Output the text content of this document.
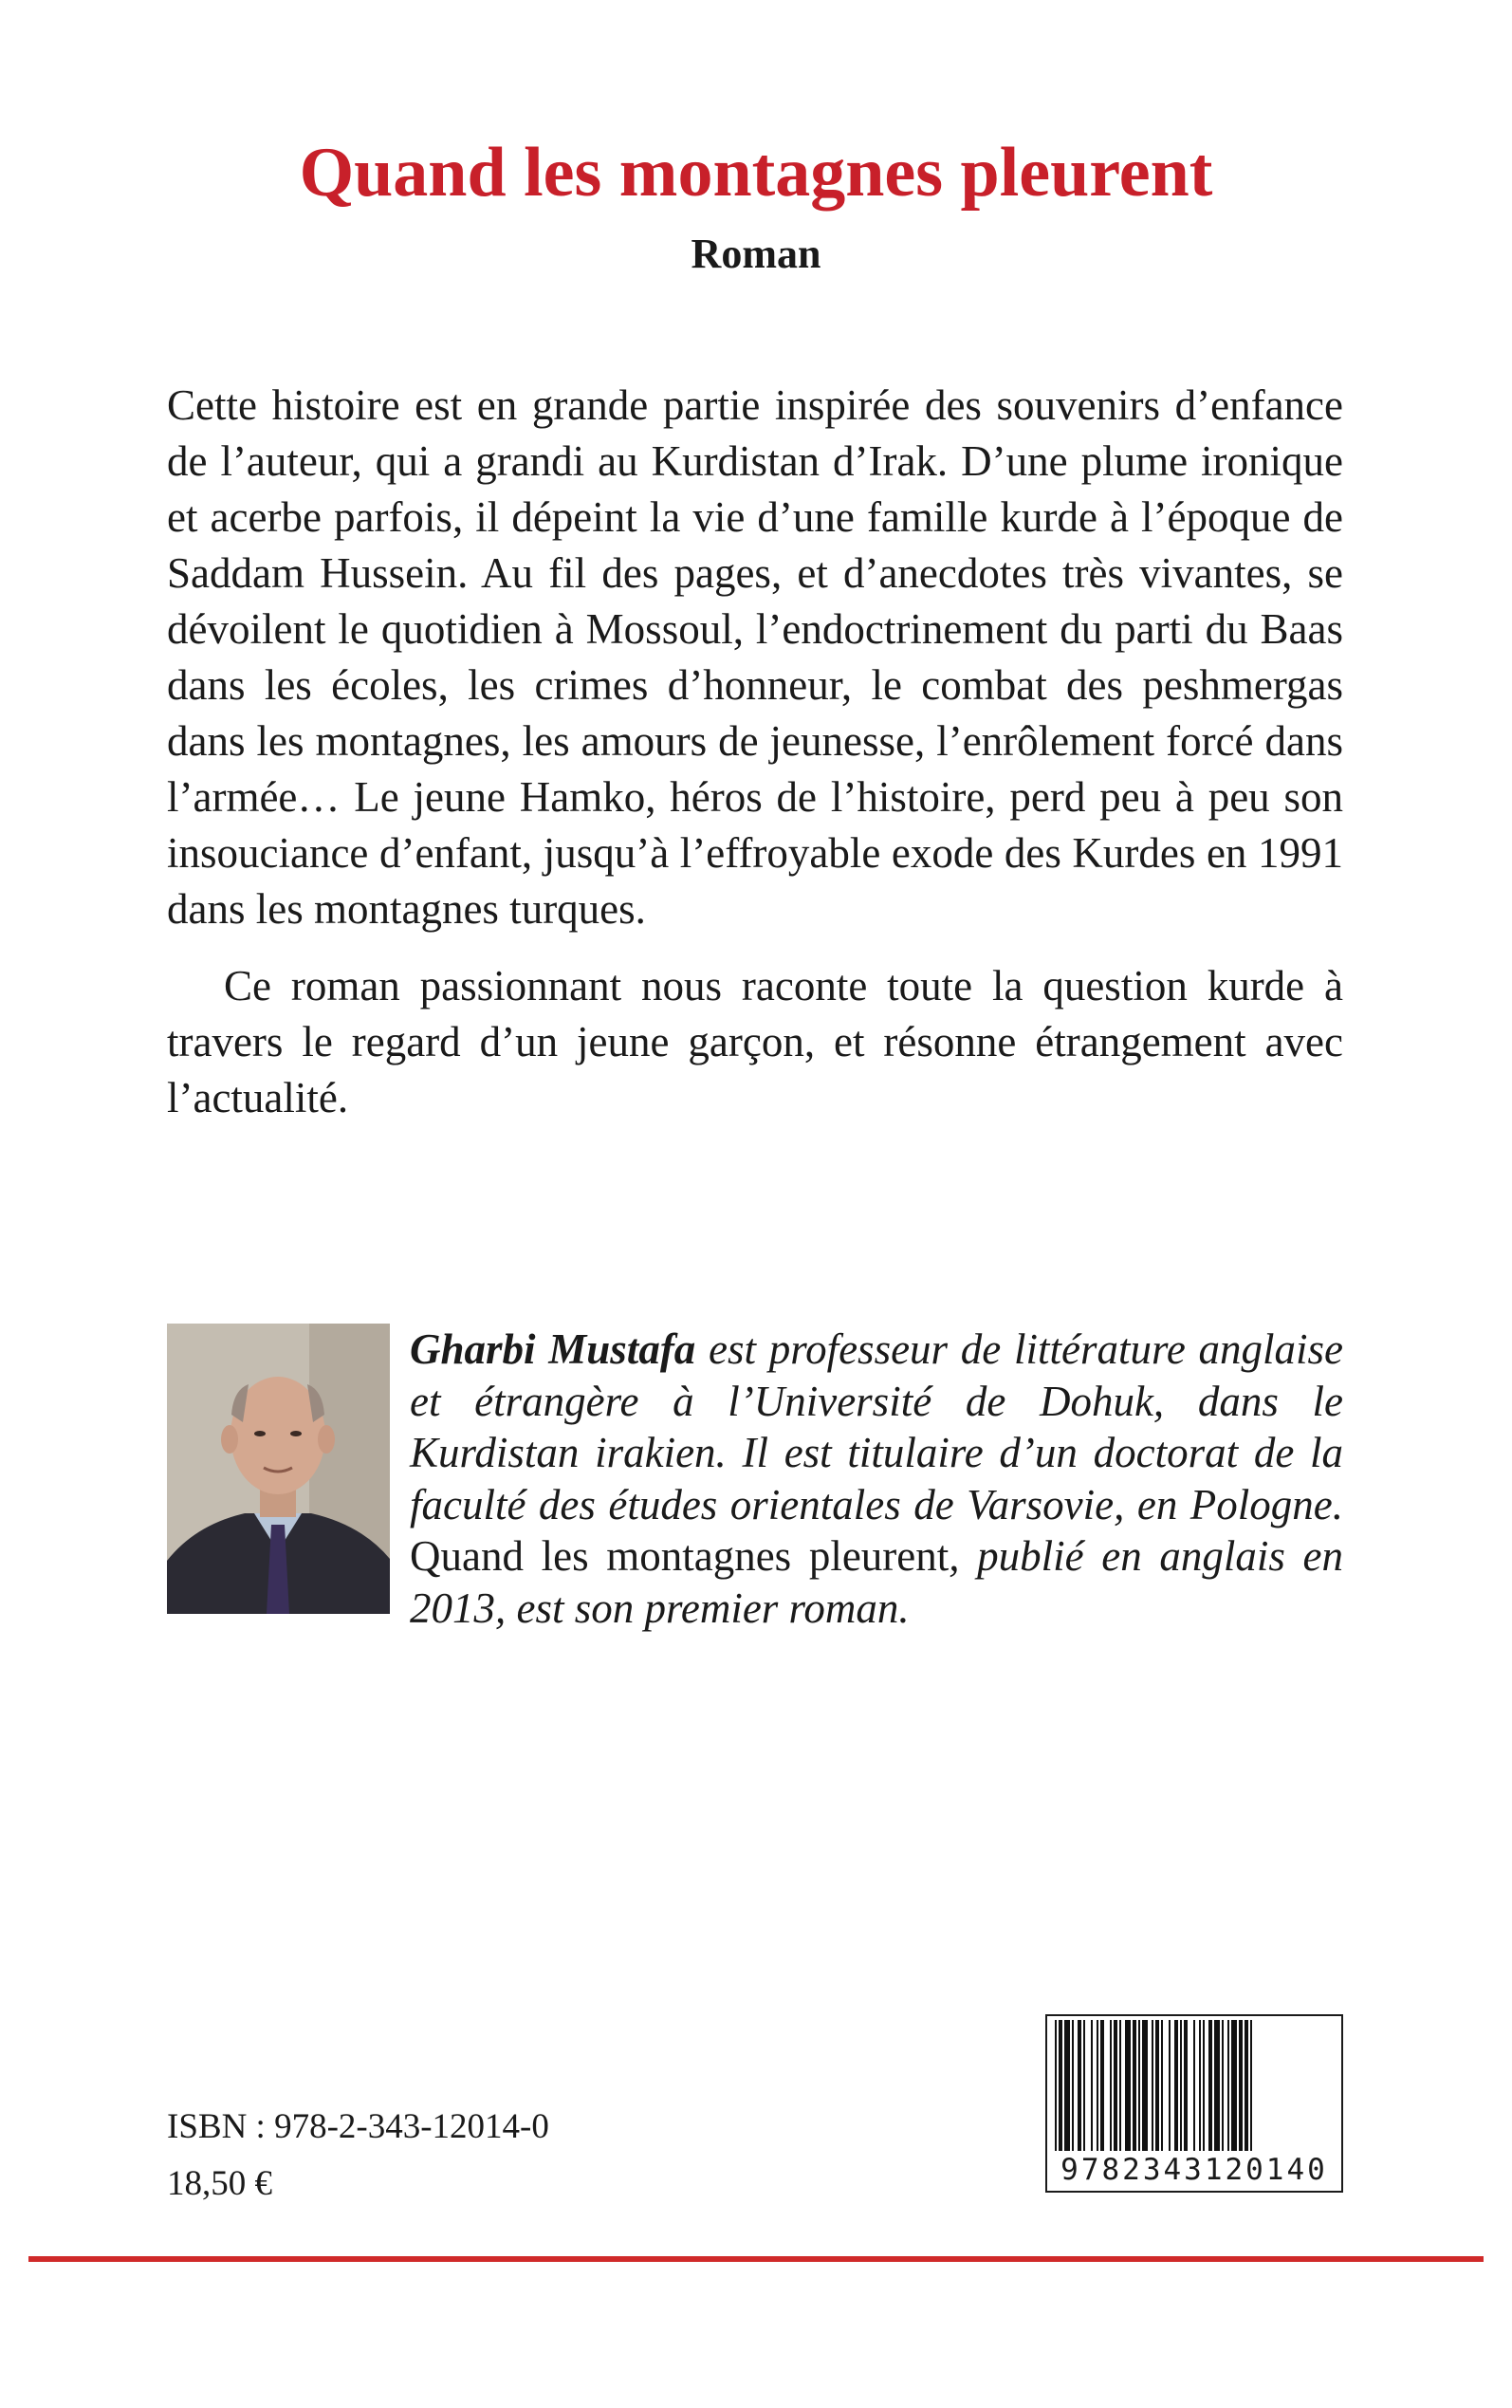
Quand les montagnes pleurent
Roman

Cette histoire est en grande partie inspirée des souvenirs d’enfance de l’auteur, qui a grandi au Kurdistan d’Irak. D’une plume ironique et acerbe parfois, il dépeint la vie d’une famille kurde à l’époque de Saddam Hussein. Au fil des pages, et d’anecdotes très vivantes, se dévoilent le quotidien à Mossoul, l’endoctrinement du parti du Baas dans les écoles, les crimes d’honneur, le combat des peshmergas dans les montagnes, les amours de jeunesse, l’enrôlement forcé dans l’armée… Le jeune Hamko, héros de l’histoire, perd peu à peu son insouciance d’enfant, jusqu’à l’effroyable exode des Kurdes en 1991 dans les montagnes turques.

Ce roman passionnant nous raconte toute la question kurde à travers le regard d’un jeune garçon, et résonne étrangement avec l’actualité.

Gharbi Mustafa est professeur de littérature anglaise et étrangère à l’Université de Dohuk, dans le Kurdistan irakien. Il est titulaire d’un doctorat de la faculté des études orientales de Varsovie, en Pologne. Quand les montagnes pleurent, publié en anglais en 2013, est son premier roman.

ISBN : 978-2-343-12014-0

18,50 €	9782343120140
